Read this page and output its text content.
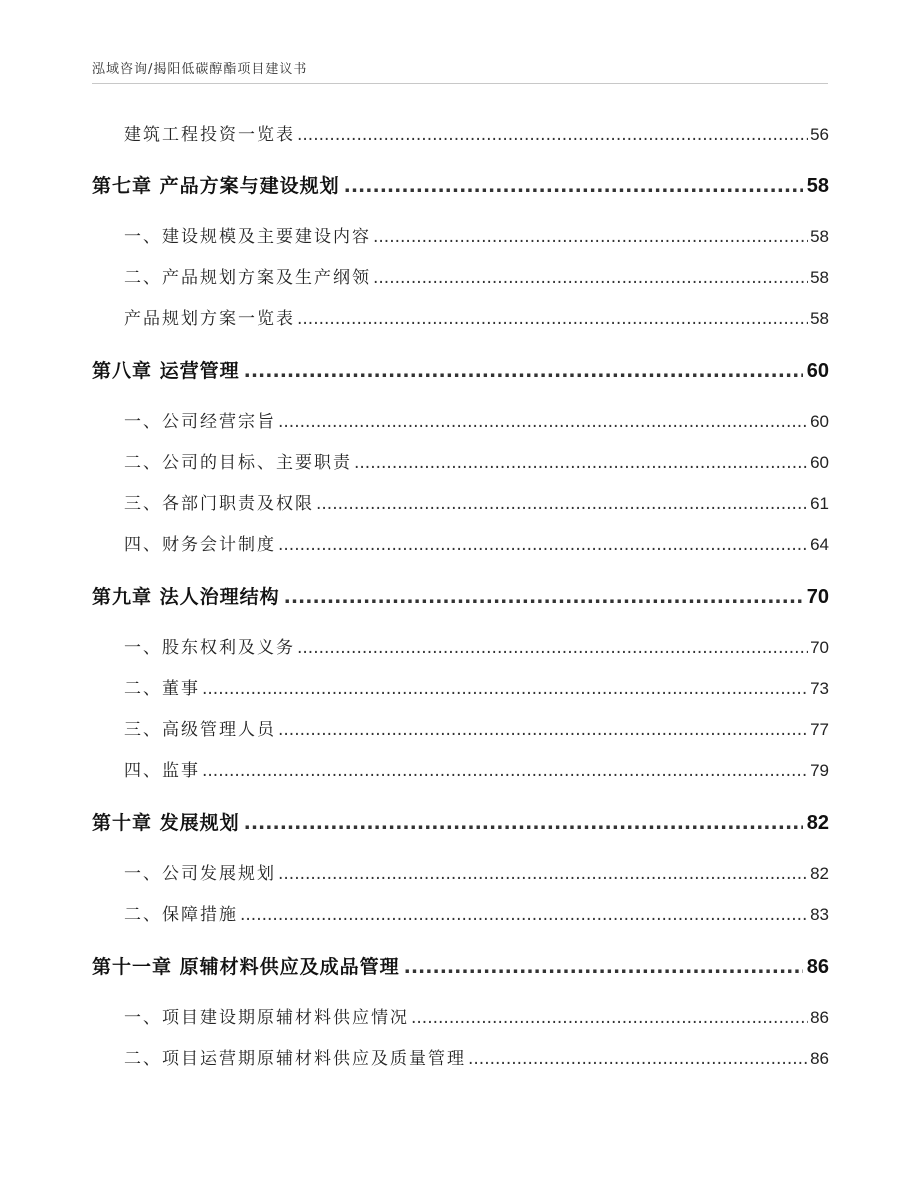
泓域咨询/揭阳低碳醇酯项目建议书
建筑工程投资一览表 .....	56
第七章 产品方案与建设规划 .....	58
一、 建设规模及主要建设内容 .....	58
二、 产品规划方案及生产纲领 .....	58
产品规划方案一览表 .....	58
第八章 运营管理 .....	60
一、 公司经营宗旨 .....	60
二、 公司的目标、主要职责 .....	60
三、 各部门职责及权限 .....	61
四、 财务会计制度 .....	64
第九章 法人治理结构 .....	70
一、 股东权利及义务 .....	70
二、 董事 .....	73
三、 高级管理人员 .....	77
四、 监事 .....	79
第十章 发展规划 .....	82
一、 公司发展规划 .....	82
二、 保障措施 .....	83
第十一章 原辅材料供应及成品管理 .....	86
一、 项目建设期原辅材料供应情况 .....	86
二、 项目运营期原辅材料供应及质量管理 .....	86
